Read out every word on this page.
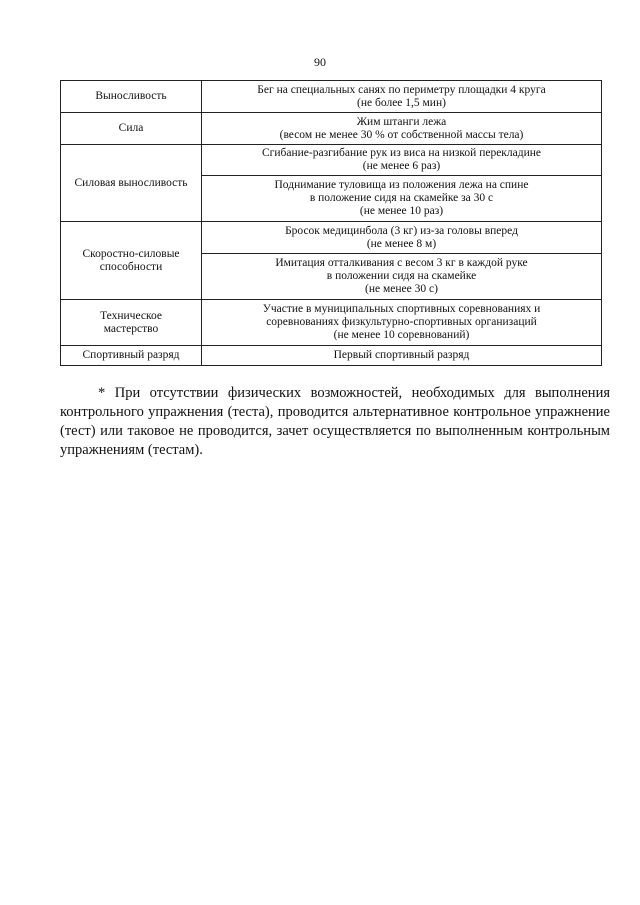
90
Выносливость	Бег на специальных санях по периметру площадки 4 круга
(не более 1,5 мин)

Сила	Жим штанги лежа
(весом не менее 30 % от собственной массы тела)

Силовая выносливость	Сгибание-разгибание рук из виса на низкой перекладине
(не менее 6 раз)

	Поднимание туловища из положения лежа на спине
в положение сидя на скамейке за 30 с
(не менее 10 раз)

Скоростно-силовые
способности	Бросок медицинбола (3 кг) из-за головы вперед
(не менее 8 м)

	Имитация отталкивания с весом 3 кг в каждой руке
в положении сидя на скамейке
(не менее 30 с)

Техническое
мастерство	Участие в муниципальных спортивных соревнованиях и
соревнованиях физкультурно-спортивных организаций
(не менее 10 соревнований)

Спортивный разряд	Первый спортивный разряд

* При отсутствии физических возможностей, необходимых для выполнения контрольного упражнения (теста), проводится альтернативное контрольное упражнение (тест) или таковое не проводится, зачет осуществляется по выполненным контрольным упражнениям (тестам).
